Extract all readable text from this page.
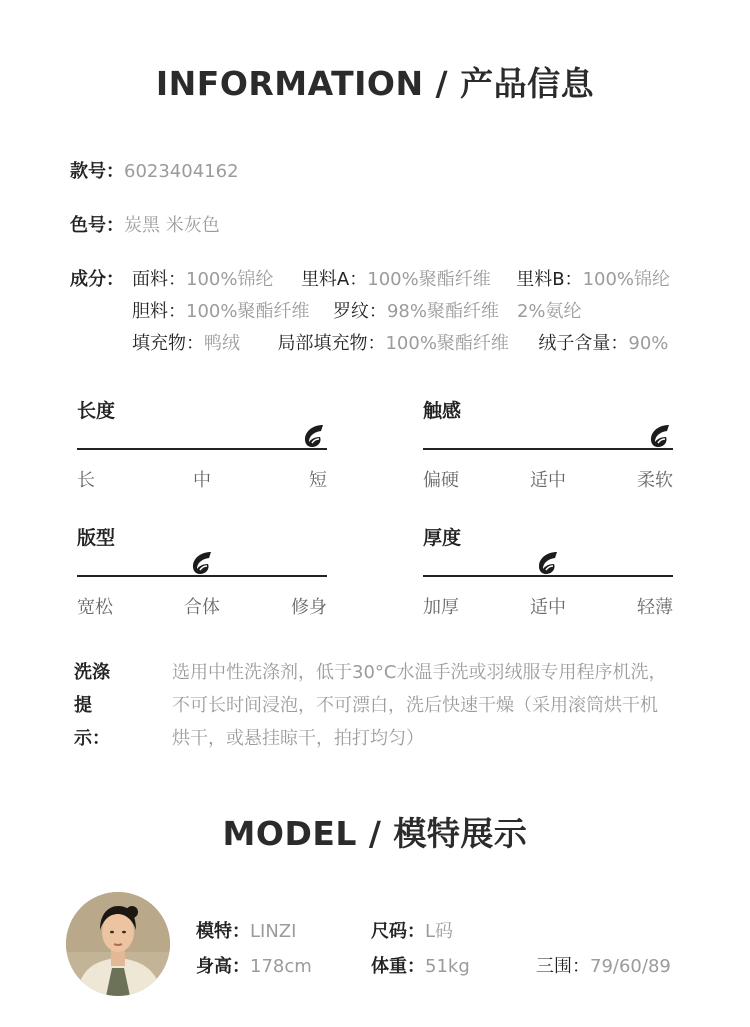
INFORMATION / 产品信息
款号：6023404162
色号：炭黑 米灰色
成分： 面料：100%锦纶 里料A：100%聚酯纤维 里料B：100%锦纶
胆料：100%聚酯纤维 罗纹：98%聚酯纤维　2%氨纶
填充物：鸭绒 局部填充物：100%聚酯纤维 绒子含量：90%
长度
长	中	短
触感
偏硬	适中	柔软
版型
宽松	合体	修身
厚度
加厚	适中	轻薄
洗涤提示：
选用中性洗涤剂，低于30°C水温手洗或羽绒服专用程序机洗，
不可长时间浸泡，不可漂白，洗后快速干燥（采用滚筒烘干机
烘干，或悬挂晾干，拍打均匀）
MODEL / 模特展示
模特：LINZI	尺码：L码
身高：178cm	体重：51kg	三围：79/60/89
